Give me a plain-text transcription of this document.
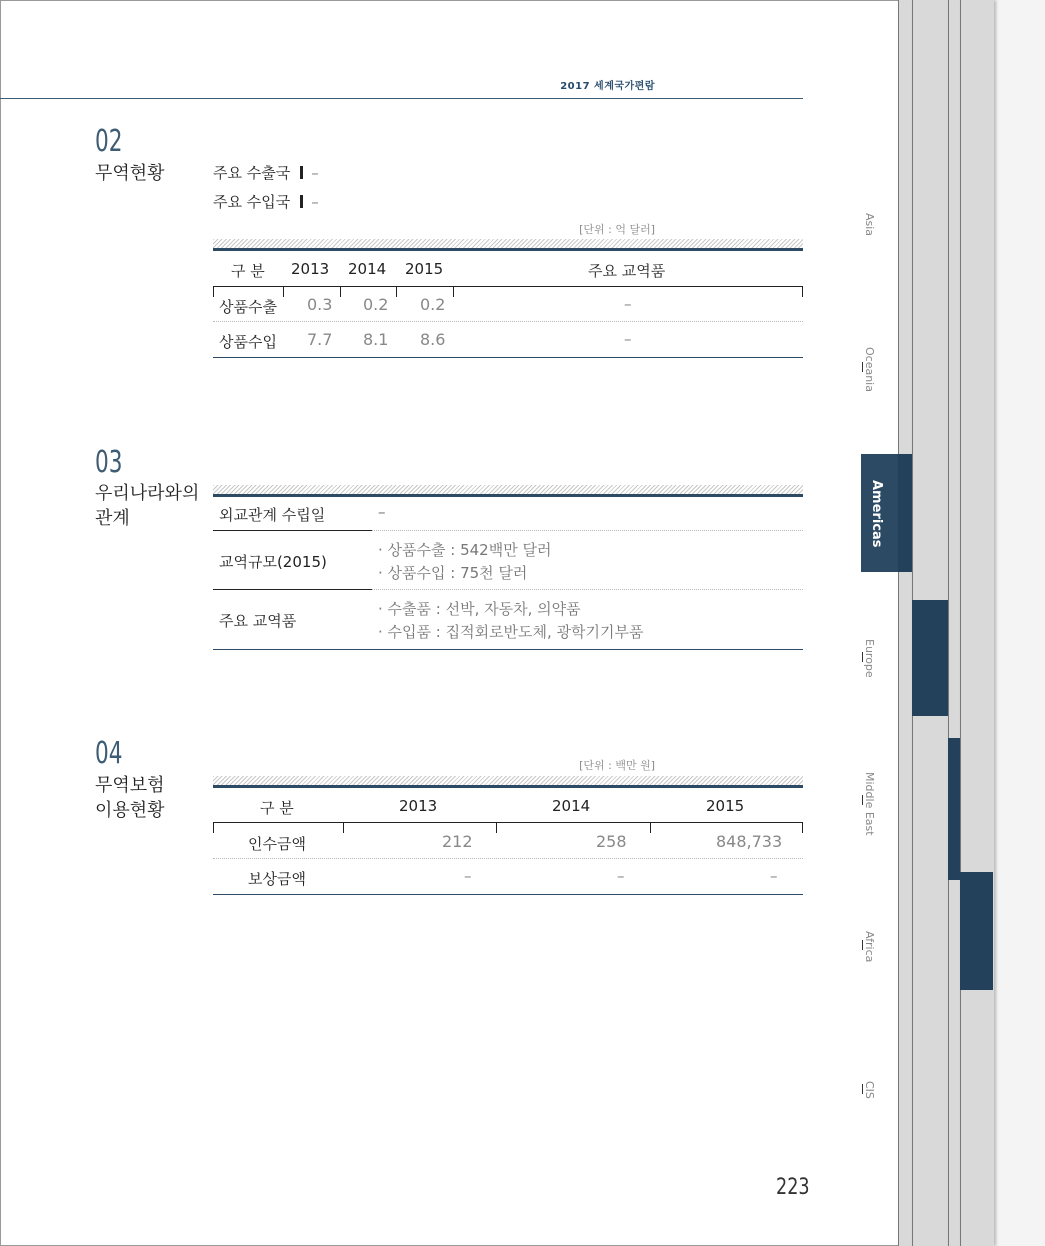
2017 세계국가편람
02
무역현황	주요 수출국 –
주요 수입국 –
[단위 : 억 달러]
구 분 2013 2014 2015	주요 교역품
상품수출 0.3 0.2 0.2	–
상품수입 7.7 8.1 8.6	–
03
우리나라와의
관계	외교관계 수립일	–
교역규모(2015)
· 상품수출 : 542백만 달러
· 상품수입 : 75천 달러
주요 교역품
· 수출품 : 선박, 자동차, 의약품
· 수입품 : 집적회로반도체, 광학기기부품
04
무역보험
이용현황
[단위 : 백만 원]
구 분	2013	2014	2015
인수금액	212	258	848,733
보상금액	–	–	–
223
Asia
Oceania
Americas
Europe
Middle East
Africa
CIS
